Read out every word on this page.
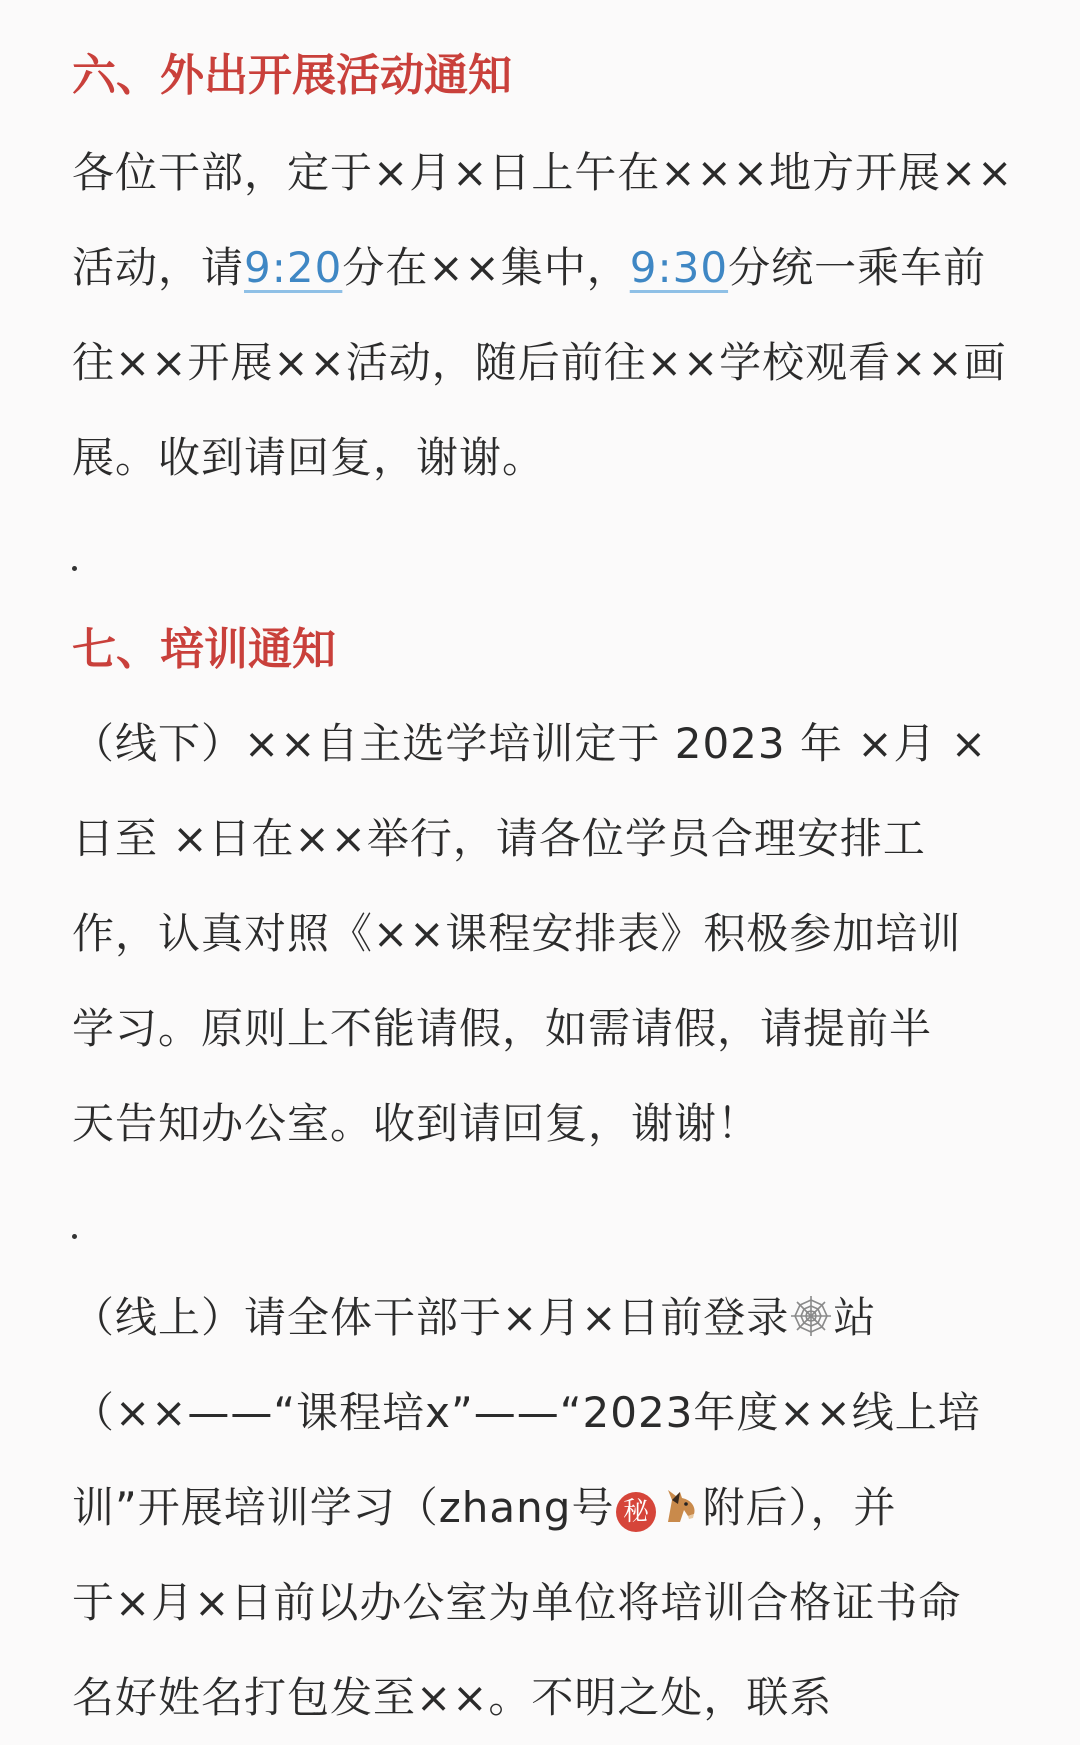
六、外出开展活动通知
各位干部，定于×月×日上午在×××地方开展××
活动，请9:20分在××集中，9:30分统一乘车前
往××开展××活动，随后前往××学校观看××画
展。收到请回复，谢谢。
七、培训通知
（线下）××自主选学培训定于 2023 年 ×月 ×
日至 ×日在××举行，请各位学员合理安排工
作，认真对照《××课程安排表》积极参加培训
学习。原则上不能请假，如需请假，请提前半
天告知办公室。收到请回复，谢谢！
（线上）请全体干部于×月×日前登录 站
（××——“课程培x”——“2023年度××线上培
训”开展培训学习（zhang号 秘 附后），并
于×月×日前以办公室为单位将培训合格证书命
名好姓名打包发至××。不明之处，联系
